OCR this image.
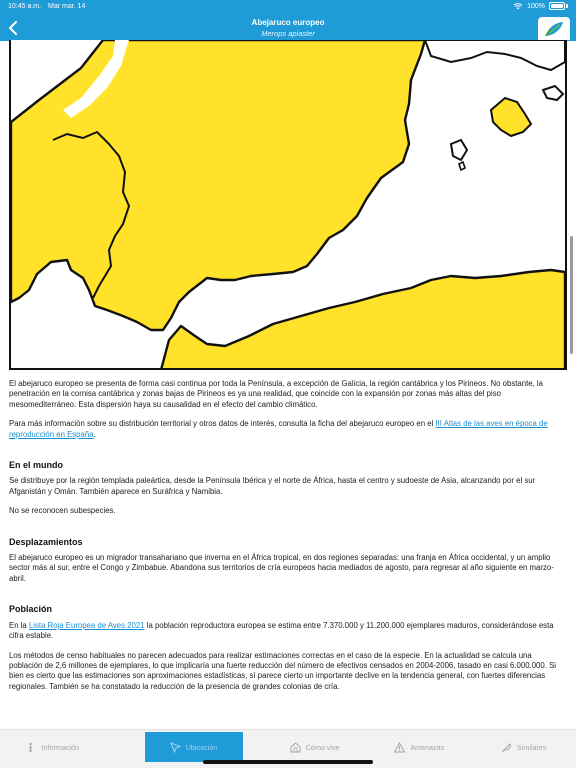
10:45 a.m. Mar mar. 14	100%
Abejaruco europeo
Merops apiaster

El abejaruco europeo se presenta de forma casi continua por toda la Península, a excepción de Galicia, la región cantábrica y los Pirineos. No obstante, la penetración en la cornisa cantábrica y zonas bajas de Pirineos es ya una realidad, que coincide con la expansión por zonas más altas del piso mesomediterráneo. Esta dispersión haya su causalidad en el efecto del cambio climático.

Para más información sobre su distribución territorial y otros datos de interés, consulta la ficha del abejaruco europeo en el III Atlas de las aves en época de reproducción en España.

En el mundo

Se distribuye por la región templada paleártica, desde la Península Ibérica y el norte de África, hasta el centro y sudoeste de Asia, alcanzando por el sur Afganistán y Omán. También aparece en Suráfrica y Namibia.

No se reconocen subespecies.

Desplazamientos

El abejaruco europeo es un migrador transahariano que inverna en el África tropical, en dos regiones separadas: una franja en África occidental, y un amplio sector más al sur, entre el Congo y Zimbabue. Abandona sus territorios de cría europeos hacia mediados de agosto, para regresar al año siguiente en marzo-abril.

Población

En la Lista Roja Europea de Aves 2021 la población reproductora europea se estima entre 7.370.000 y 11.200.000 ejemplares maduros, considerándose esta cifra estable.

Los métodos de censo habituales no parecen adecuados para realizar estimaciones correctas en el caso de la especie. En la actualidad se calcula una población de 2,6 millones de ejemplares, lo que implicaría una fuerte reducción del número de efectivos censados en 2004-2006, tasado en casi 6.000.000. Si bien es cierto que las estimaciones son aproximaciones estadísticas, sí parece cierto un importante declive en la tendencia general, con fuertes diferencias regionales. También se ha constatado la reducción de la presencia de grandes colonias de cría.

Información	Ubicación	Cómo vive	Amenazas	Similares
